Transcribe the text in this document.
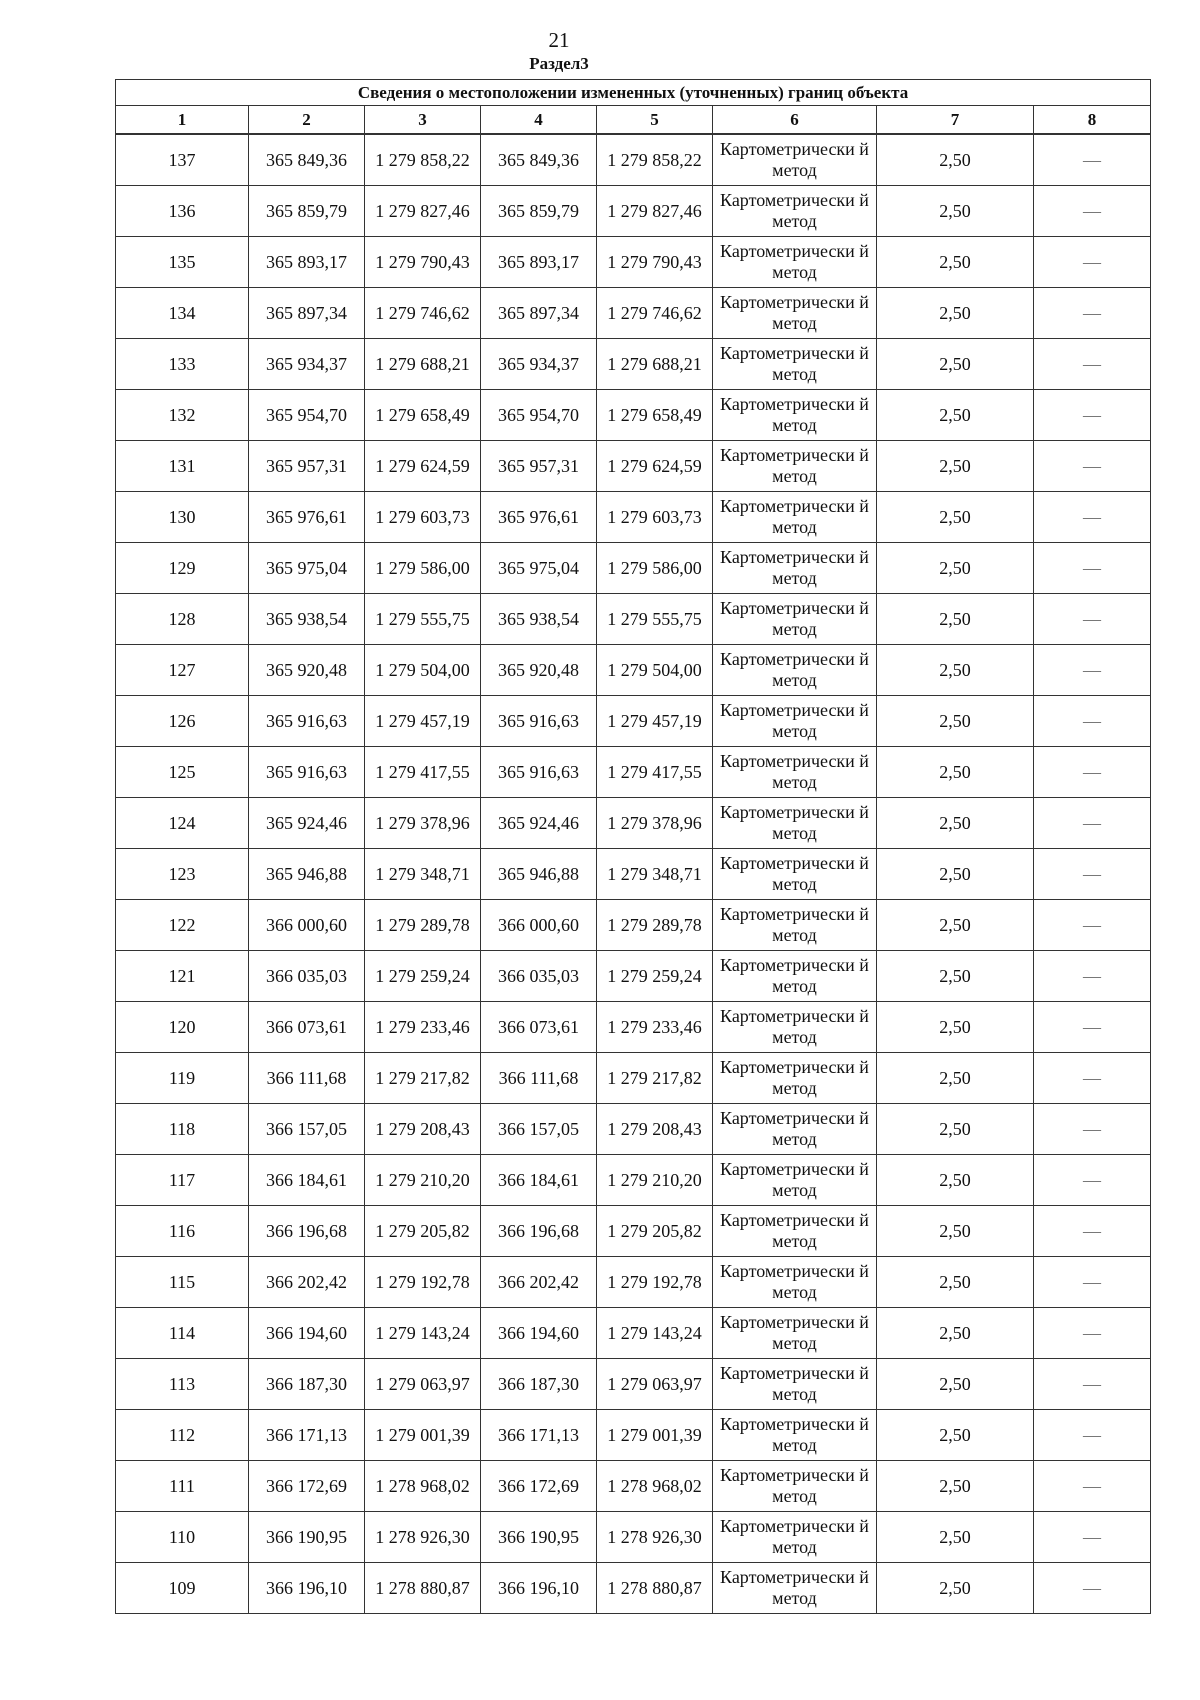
21
Раздел3
Сведения о местоположении измененных (уточненных) границ объекта							
1	2	3	4	5	6	7	8
137	365 849,36	1 279 858,22	365 849,36	1 279 858,22	Картометрически й метод	2,50	—
136	365 859,79	1 279 827,46	365 859,79	1 279 827,46	Картометрически й метод	2,50	—
135	365 893,17	1 279 790,43	365 893,17	1 279 790,43	Картометрически й метод	2,50	—
134	365 897,34	1 279 746,62	365 897,34	1 279 746,62	Картометрически й метод	2,50	—
133	365 934,37	1 279 688,21	365 934,37	1 279 688,21	Картометрически й метод	2,50	—
132	365 954,70	1 279 658,49	365 954,70	1 279 658,49	Картометрически й метод	2,50	—
131	365 957,31	1 279 624,59	365 957,31	1 279 624,59	Картометрически й метод	2,50	—
130	365 976,61	1 279 603,73	365 976,61	1 279 603,73	Картометрически й метод	2,50	—
129	365 975,04	1 279 586,00	365 975,04	1 279 586,00	Картометрически й метод	2,50	—
128	365 938,54	1 279 555,75	365 938,54	1 279 555,75	Картометрически й метод	2,50	—
127	365 920,48	1 279 504,00	365 920,48	1 279 504,00	Картометрически й метод	2,50	—
126	365 916,63	1 279 457,19	365 916,63	1 279 457,19	Картометрически й метод	2,50	—
125	365 916,63	1 279 417,55	365 916,63	1 279 417,55	Картометрически й метод	2,50	—
124	365 924,46	1 279 378,96	365 924,46	1 279 378,96	Картометрически й метод	2,50	—
123	365 946,88	1 279 348,71	365 946,88	1 279 348,71	Картометрически й метод	2,50	—
122	366 000,60	1 279 289,78	366 000,60	1 279 289,78	Картометрически й метод	2,50	—
121	366 035,03	1 279 259,24	366 035,03	1 279 259,24	Картометрически й метод	2,50	—
120	366 073,61	1 279 233,46	366 073,61	1 279 233,46	Картометрически й метод	2,50	—
119	366 111,68	1 279 217,82	366 111,68	1 279 217,82	Картометрически й метод	2,50	—
118	366 157,05	1 279 208,43	366 157,05	1 279 208,43	Картометрически й метод	2,50	—
117	366 184,61	1 279 210,20	366 184,61	1 279 210,20	Картометрически й метод	2,50	—
116	366 196,68	1 279 205,82	366 196,68	1 279 205,82	Картометрически й метод	2,50	—
115	366 202,42	1 279 192,78	366 202,42	1 279 192,78	Картометрически й метод	2,50	—
114	366 194,60	1 279 143,24	366 194,60	1 279 143,24	Картометрически й метод	2,50	—
113	366 187,30	1 279 063,97	366 187,30	1 279 063,97	Картометрически й метод	2,50	—
112	366 171,13	1 279 001,39	366 171,13	1 279 001,39	Картометрически й метод	2,50	—
111	366 172,69	1 278 968,02	366 172,69	1 278 968,02	Картометрически й метод	2,50	—
110	366 190,95	1 278 926,30	366 190,95	1 278 926,30	Картометрически й метод	2,50	—
109	366 196,10	1 278 880,87	366 196,10	1 278 880,87	Картометрически й метод	2,50	—
